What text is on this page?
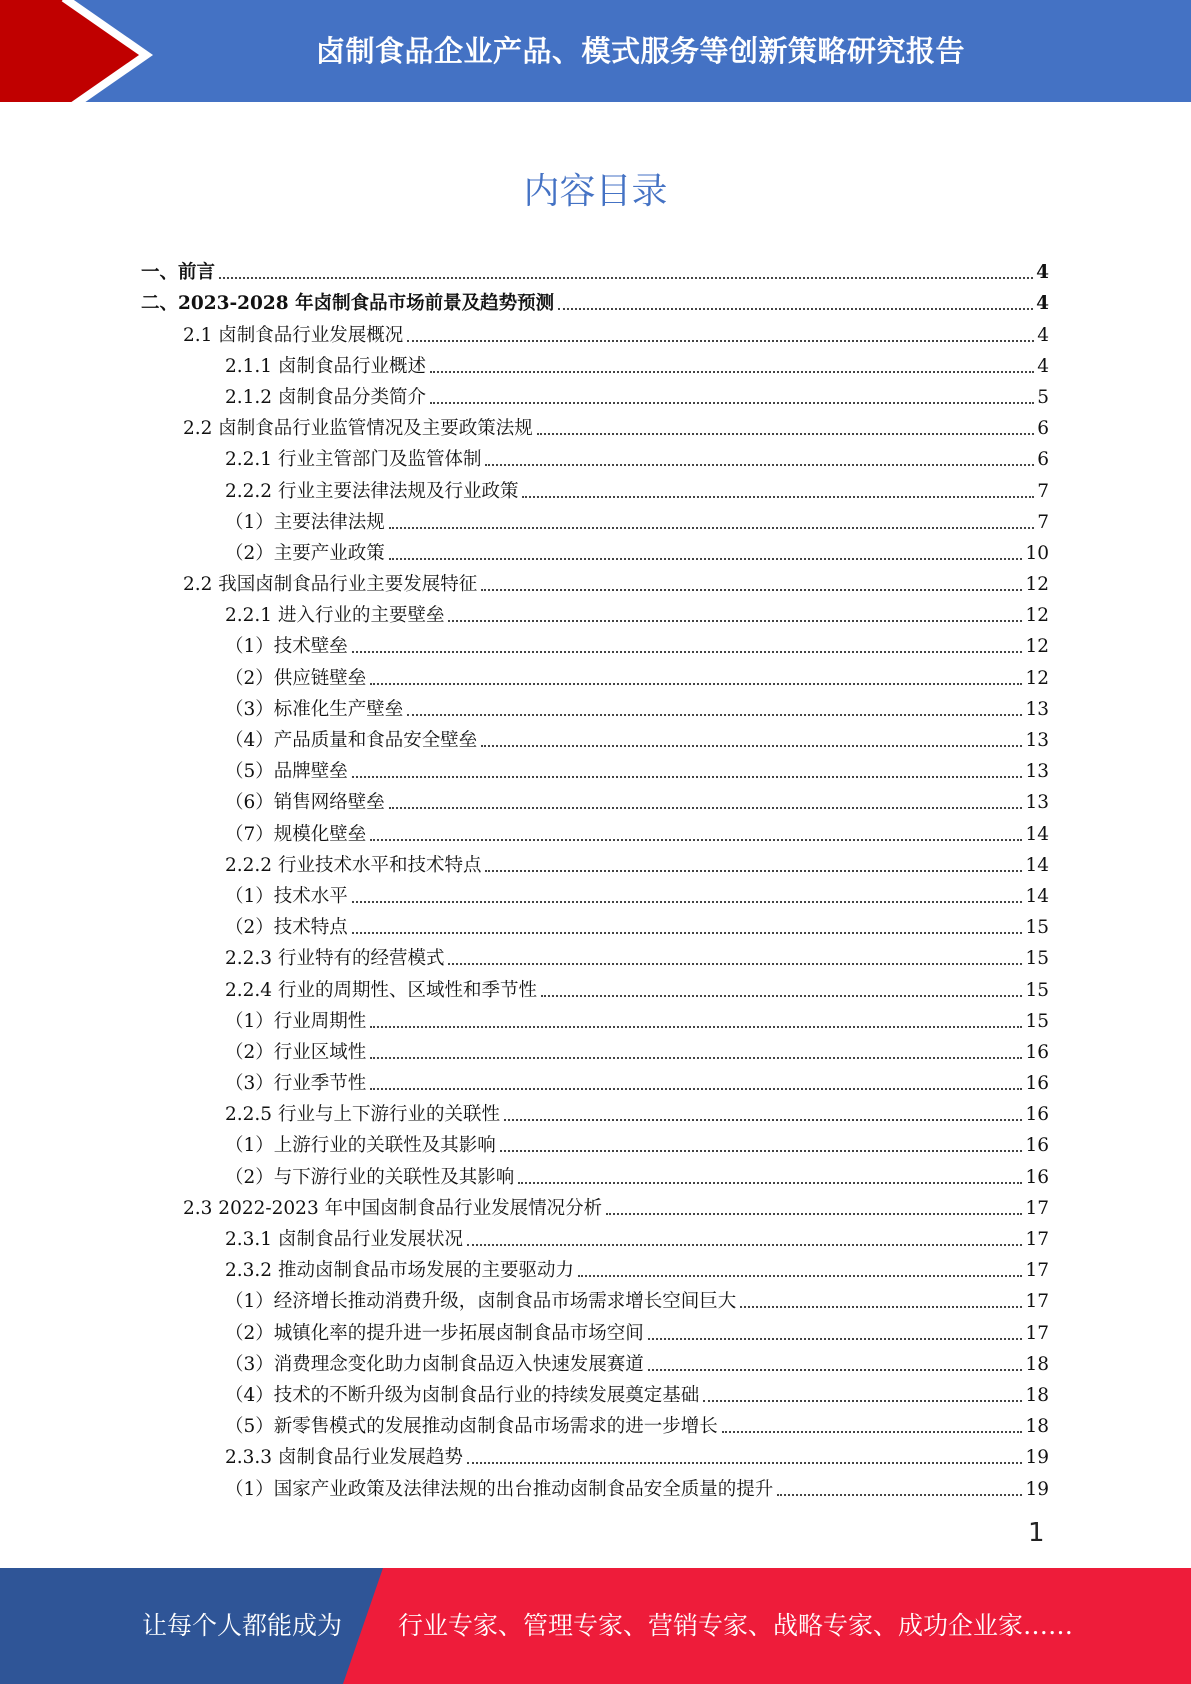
卤制食品企业产品、模式服务等创新策略研究报告
内容目录
一、前言	4
二、2023-2028 年卤制食品市场前景及趋势预测	4
2.1 卤制食品行业发展概况	4
2.1.1 卤制食品行业概述	4
2.1.2 卤制食品分类简介	5
2.2 卤制食品行业监管情况及主要政策法规	6
2.2.1 行业主管部门及监管体制	6
2.2.2 行业主要法律法规及行业政策	7
（1）主要法律法规	7
（2）主要产业政策	10
2.2 我国卤制食品行业主要发展特征	12
2.2.1 进入行业的主要壁垒	12
（1）技术壁垒	12
（2）供应链壁垒	12
（3）标准化生产壁垒	13
（4）产品质量和食品安全壁垒	13
（5）品牌壁垒	13
（6）销售网络壁垒	13
（7）规模化壁垒	14
2.2.2 行业技术水平和技术特点	14
（1）技术水平	14
（2）技术特点	15
2.2.3 行业特有的经营模式	15
2.2.4 行业的周期性、区域性和季节性	15
（1）行业周期性	15
（2）行业区域性	16
（3）行业季节性	16
2.2.5 行业与上下游行业的关联性	16
（1）上游行业的关联性及其影响	16
（2）与下游行业的关联性及其影响	16
2.3 2022-2023 年中国卤制食品行业发展情况分析	17
2.3.1 卤制食品行业发展状况	17
2.3.2 推动卤制食品市场发展的主要驱动力	17
（1）经济增长推动消费升级，卤制食品市场需求增长空间巨大	17
（2）城镇化率的提升进一步拓展卤制食品市场空间	17
（3）消费理念变化助力卤制食品迈入快速发展赛道	18
（4）技术的不断升级为卤制食品行业的持续发展奠定基础	18
（5）新零售模式的发展推动卤制食品市场需求的进一步增长	18
2.3.3 卤制食品行业发展趋势	19
（1）国家产业政策及法律法规的出台推动卤制食品安全质量的提升	19
1
让每个人都能成为 行业专家、管理专家、营销专家、战略专家、成功企业家……
